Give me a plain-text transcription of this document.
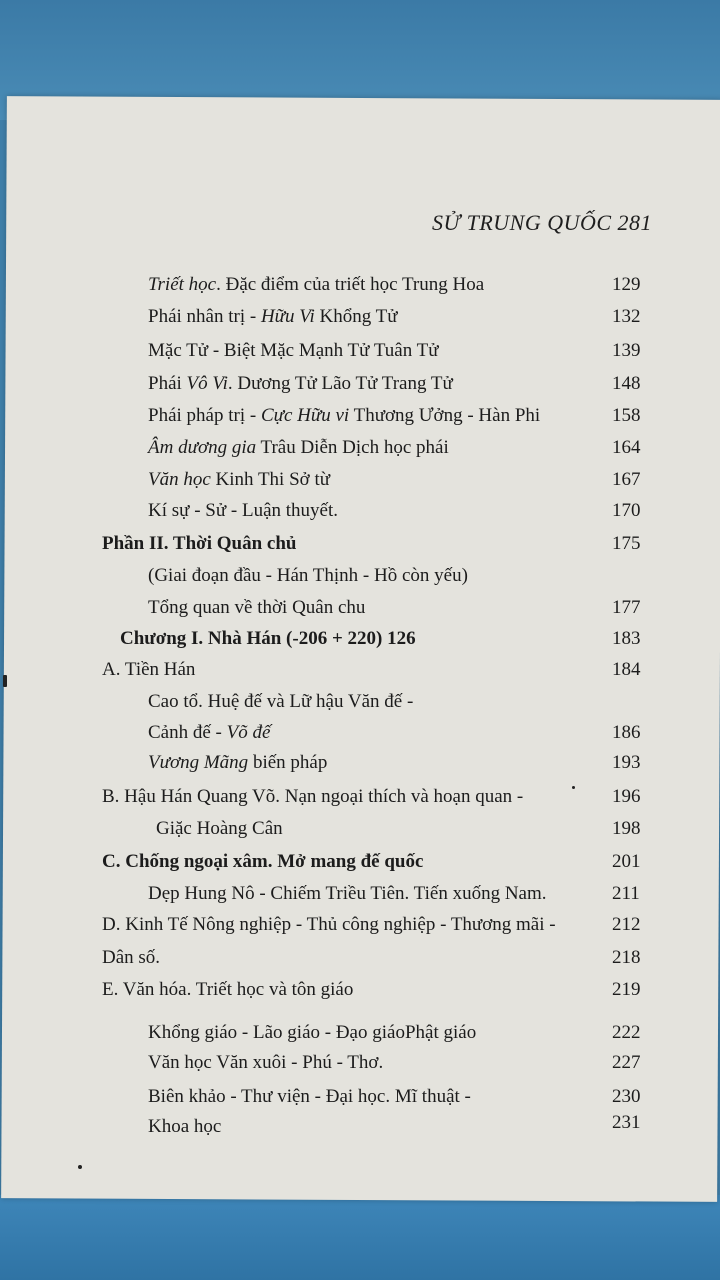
SỬ TRUNG QUỐC 281
Triết học. Đặc điểm của triết học Trung Hoa	129
Phái nhân trị - Hữu Vi Khổng Tử	132
Mặc Tử - Biệt Mặc Mạnh Tử Tuân Tử	139
Phái Vô Vi. Dương Tử Lão Tử Trang Tử	148
Phái pháp trị - Cực Hữu vi Thương Ưởng - Hàn Phi	158
Âm dương gia Trâu Diễn Dịch học phái	164
Văn học Kinh Thi Sở từ	167
Kí sự - Sử - Luận thuyết.	170
Phần II. Thời Quân chủ	175
(Giai đoạn đầu - Hán Thịnh - Hồ còn yếu)
Tổng quan về thời Quân chu	177
Chương I. Nhà Hán (-206 + 220) 126	183
A. Tiền Hán	184
Cao tổ. Huệ đế và Lữ hậu Văn đế -
Cảnh đế - Võ đế	186
Vương Mãng biến pháp	193
B. Hậu Hán Quang Võ. Nạn ngoại thích và hoạn quan -	196
Giặc Hoàng Cân	198
C. Chống ngoại xâm. Mở mang đế quốc	201
Dẹp Hung Nô - Chiếm Triều Tiên. Tiến xuống Nam.	211
D. Kinh Tế Nông nghiệp - Thủ công nghiệp - Thương mãi -	212
Dân số.	218
E. Văn hóa. Triết học và tôn giáo	219
Khổng giáo - Lão giáo - Đạo giáoPhật giáo	222
Văn học Văn xuôi - Phú - Thơ.	227
Biên khảo - Thư viện - Đại học. Mĩ thuật -	230
Khoa học	231
